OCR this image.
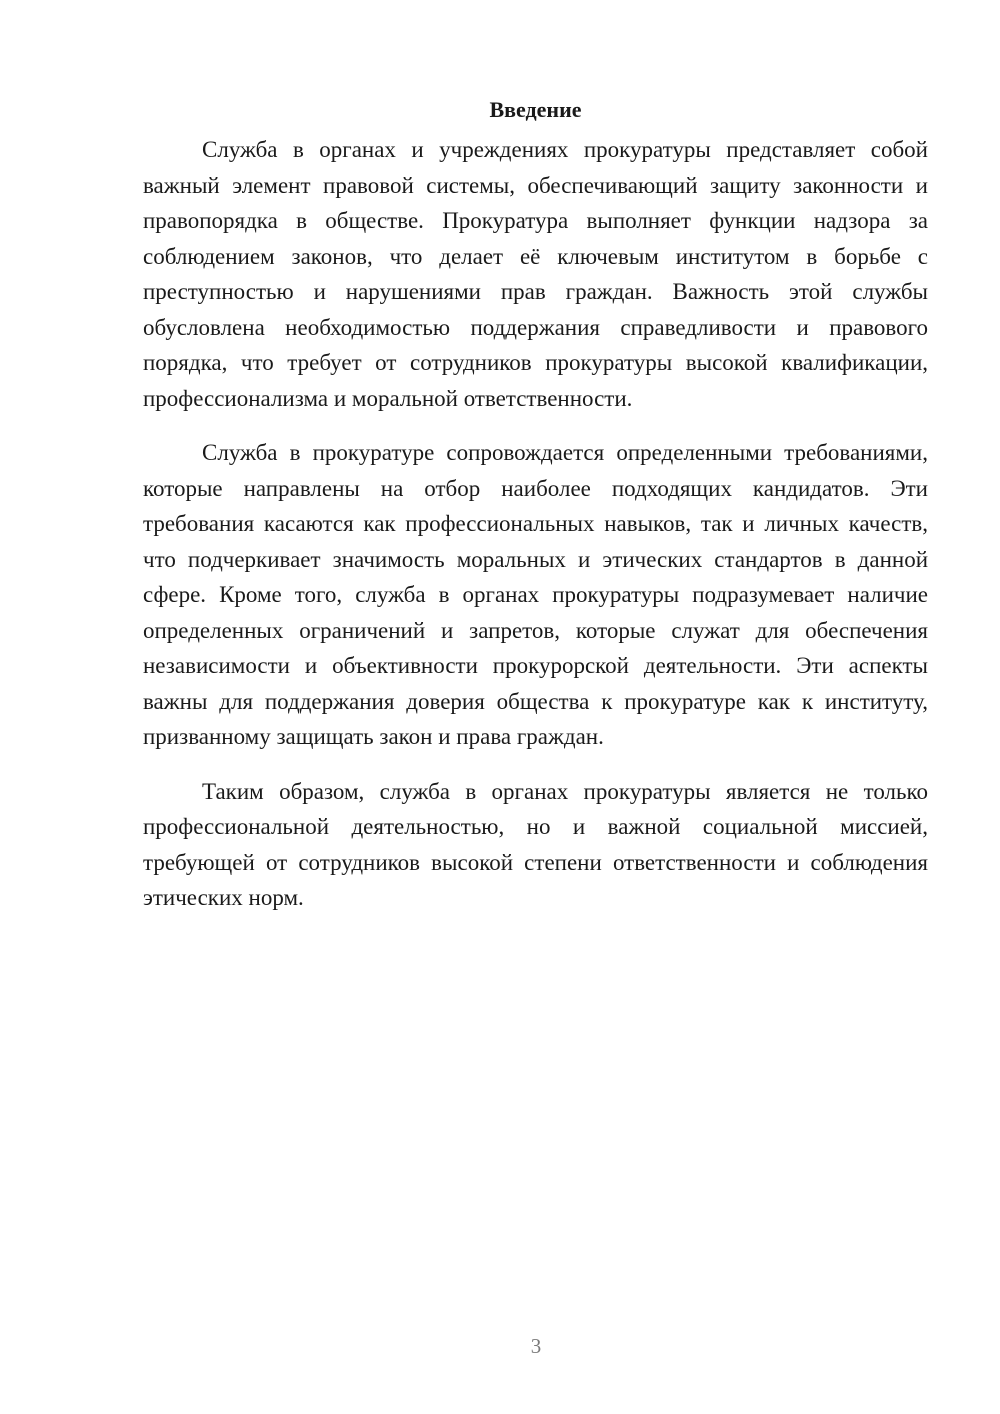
Введение

Служба в органах и учреждениях прокуратуры представляет собой важный элемент правовой системы, обеспечивающий защиту законности и правопорядка в обществе. Прокуратура выполняет функции надзора за соблюдением законов, что делает её ключевым институтом в борьбе с преступностью и нарушениями прав граждан. Важность этой службы обусловлена необходимостью поддержания справедливости и правового порядка, что требует от сотрудников прокуратуры высокой квалификации, профессионализма и моральной ответственности.

Служба в прокуратуре сопровождается определенными требованиями, которые направлены на отбор наиболее подходящих кандидатов. Эти требования касаются как профессиональных навыков, так и личных качеств, что подчеркивает значимость моральных и этических стандартов в данной сфере. Кроме того, служба в органах прокуратуры подразумевает наличие определенных ограничений и запретов, которые служат для обеспечения независимости и объективности прокурорской деятельности. Эти аспекты важны для поддержания доверия общества к прокуратуре как к институту, призванному защищать закон и права граждан.

Таким образом, служба в органах прокуратуры является не только профессиональной деятельностью, но и важной социальной миссией, требующей от сотрудников высокой степени ответственности и соблюдения этических норм.

3
